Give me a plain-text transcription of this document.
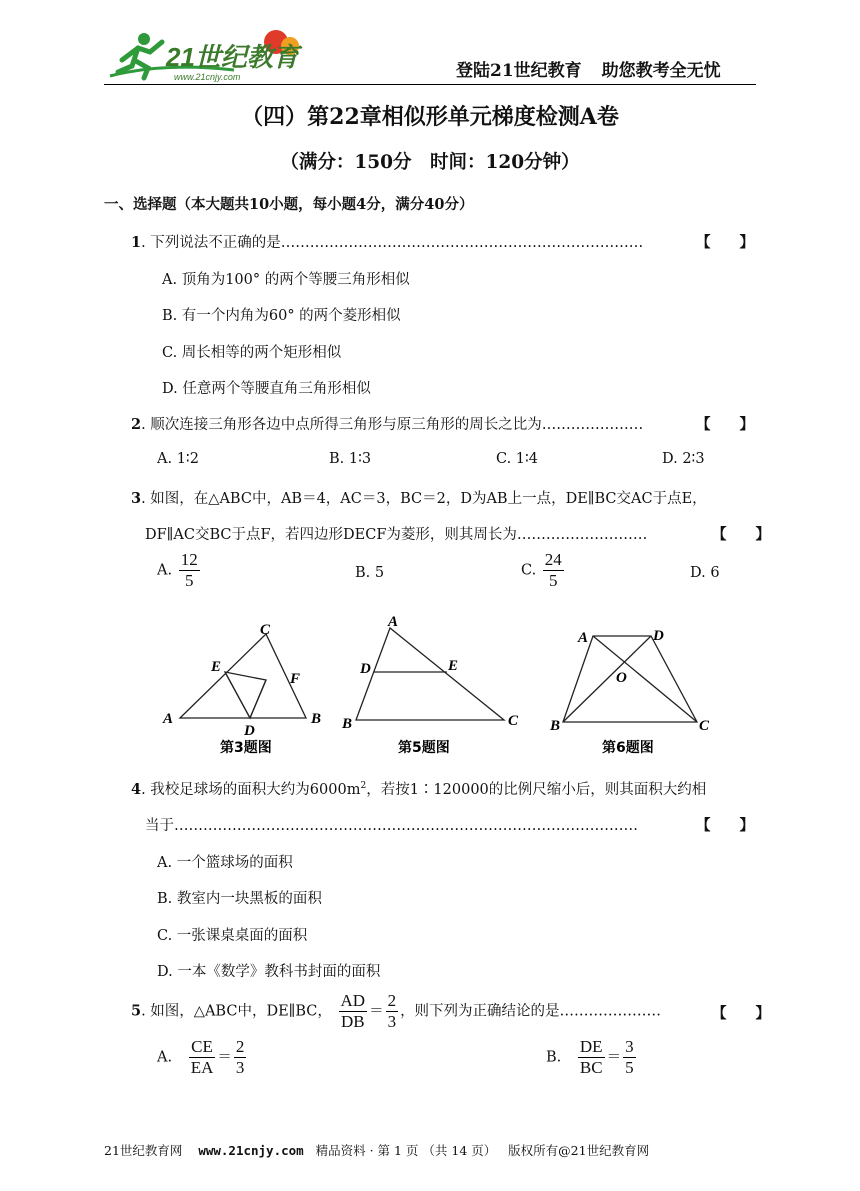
21世纪教育
www.21cnjy.com	登陆21世纪教育 助您教考全无忧
（四）第22章相似形单元梯度检测A卷
（满分：150分　时间：120分钟）
一、选择题（本大题共10小题，每小题4分，满分40分）
1. 下列说法不正确的是…………………………………………………………………	【　　】
A. 顶角为100° 的两个等腰三角形相似
B. 有一个内角为60° 的两个菱形相似
C. 周长相等的两个矩形相似
D. 任意两个等腰直角三角形相似
2. 顺次连接三角形各边中点所得三角形与原三角形的周长之比为…………………	【　　】
A. 1∶2	B. 1∶3	C. 1∶4	D. 2∶3
3. 如图，在△ABC中，AB＝4，AC＝3，BC＝2，D为AB上一点，DE∥BC交AC于点E，
DF∥AC交BC于点F，若四边形DECF为菱形，则其周长为………………………	【　　】
A. $\frac{12}{5}$	B. 5	C. $\frac{24}{5}$	D. 6
A	B
C
D
E
F
第3题图
A
B	C
D	E
第5题图
A
B	C
D
O
第6题图
4. 我校足球场的面积大约为$6000m^2$，若按1∶120000的比例尺缩小后，则其面积大约相
当于……………………………………………………………………………………	【　　】
A. 一个篮球场的面积
B. 教室内一块黑板的面积
C. 一张课桌桌面的面积
D. 一本《数学》教科书封面的面积
5. 如图，△ABC中，DE∥BC， $\frac{AD}{DB} = \frac{2}{3}$ ，则下列为正确结论的是…………………	【　　】
A. $\frac{CE}{EA} = \frac{2}{3}$	B. $\frac{DE}{BC} = \frac{3}{5}$
21世纪教育网 www.21cnjy.com 精品资料 · 第 1 页 （共 14 页） 版权所有@21世纪教育网
